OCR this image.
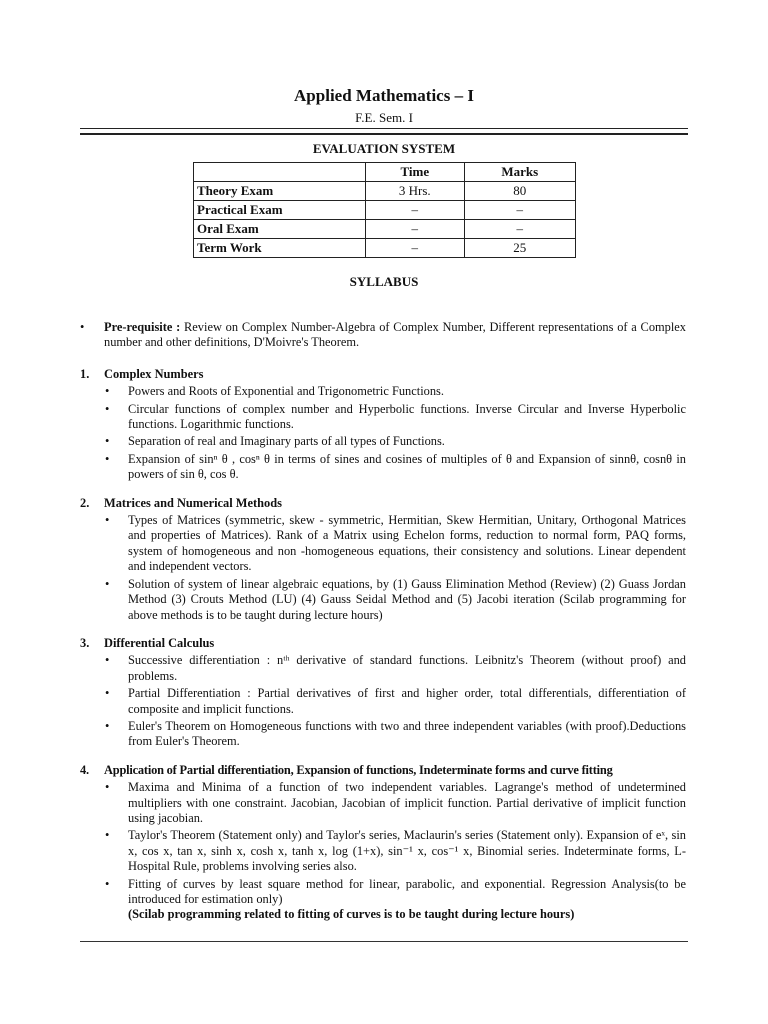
Applied Mathematics – I
F.E. Sem. I
EVALUATION SYSTEM
	Time	Marks
Theory Exam	3 Hrs.	80
Practical Exam	–	–
Oral Exam	–	–
Term Work	–	25
SYLLABUS
• Pre-requisite : Review on Complex Number-Algebra of Complex Number, Different representations of a Complex number and other definitions, D'Moivre's Theorem.
1. Complex Numbers
• Powers and Roots of Exponential and Trigonometric Functions.
• Circular functions of complex number and Hyperbolic functions. Inverse Circular and Inverse Hyperbolic functions. Logarithmic functions.
• Separation of real and Imaginary parts of all types of Functions.
• Expansion of sinⁿ θ , cosⁿ θ in terms of sines and cosines of multiples of θ and Expansion of sinnθ, cosnθ in powers of sin θ, cos θ.
2. Matrices and Numerical Methods
• Types of Matrices (symmetric, skew - symmetric, Hermitian, Skew Hermitian, Unitary, Orthogonal Matrices and properties of Matrices). Rank of a Matrix using Echelon forms, reduction to normal form, PAQ forms, system of homogeneous and non -homogeneous equations, their consistency and solutions. Linear dependent and independent vectors.
• Solution of system of linear algebraic equations, by (1) Gauss Elimination Method (Review) (2) Guass Jordan Method (3) Crouts Method (LU) (4) Gauss Seidal Method and (5) Jacobi iteration (Scilab programming for above methods is to be taught during lecture hours)
3. Differential Calculus
• Successive differentiation : nᵗʰ derivative of standard functions. Leibnitz's Theorem (without proof) and problems.
• Partial Differentiation : Partial derivatives of first and higher order, total differentials, differentiation of composite and implicit functions.
• Euler's Theorem on Homogeneous functions with two and three independent variables (with proof).Deductions from Euler's Theorem.
4. Application of Partial differentiation, Expansion of functions, Indeterminate forms and curve fitting
• Maxima and Minima of a function of two independent variables. Lagrange's method of undetermined multipliers with one constraint. Jacobian, Jacobian of implicit function. Partial derivative of implicit function using jacobian.
• Taylor's Theorem (Statement only) and Taylor's series, Maclaurin's series (Statement only). Expansion of eˣ, sin x, cos x, tan x, sinh x, cosh x, tanh x, log (1+x), sin⁻¹ x, cos⁻¹ x, Binomial series. Indeterminate forms, L-Hospital Rule, problems involving series also.
• Fitting of curves by least square method for linear, parabolic, and exponential. Regression Analysis(to be introduced for estimation only)
(Scilab programming related to fitting of curves is to be taught during lecture hours)
